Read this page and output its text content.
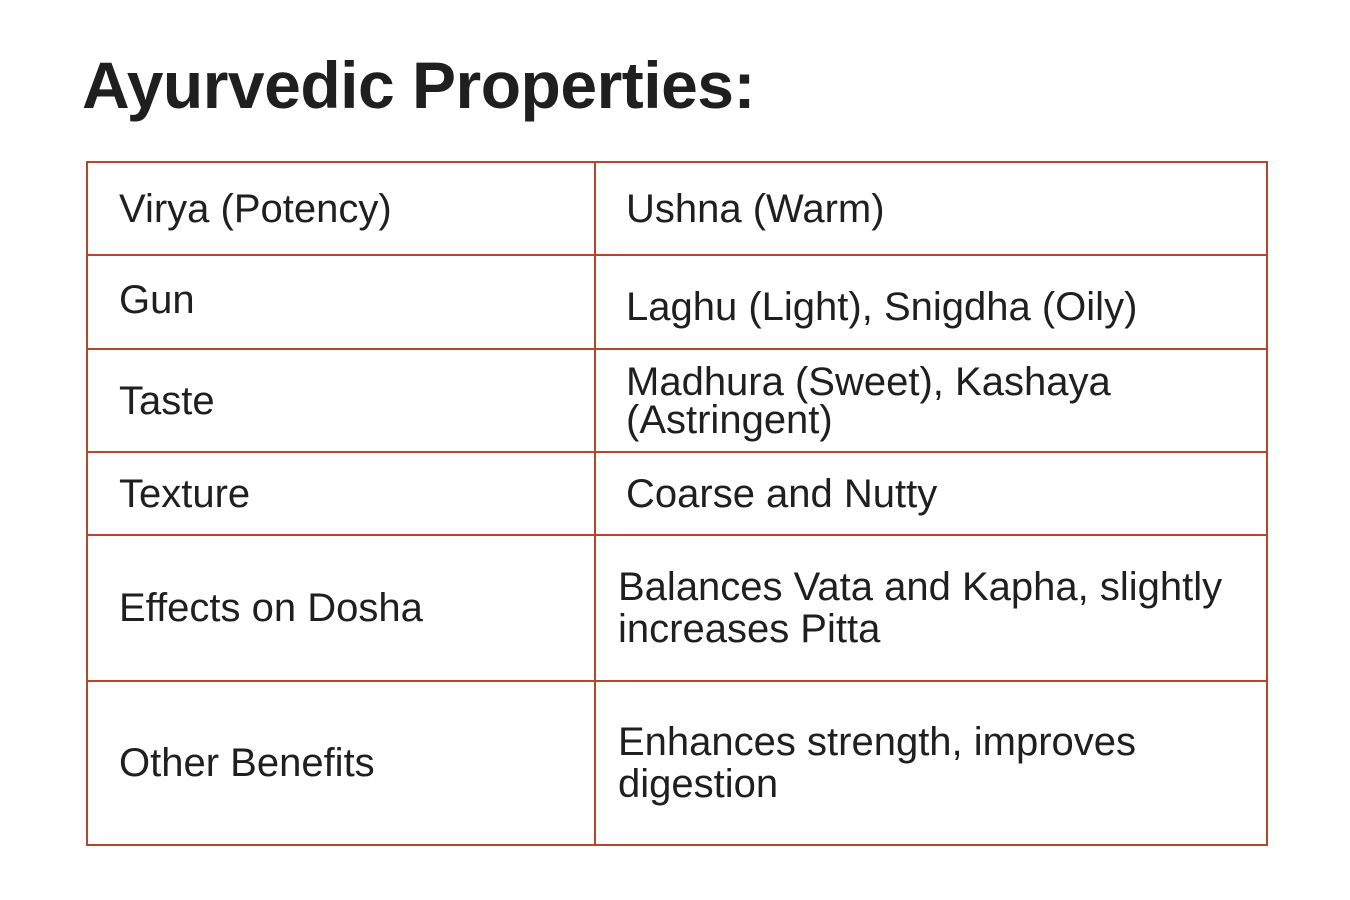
Ayurvedic Properties:
Virya (Potency)	Ushna (Warm)
Gun	Laghu (Light), Snigdha (Oily)
Taste	Madhura (Sweet), Kashaya (Astringent)
Texture	Coarse and Nutty
Effects on Dosha	Balances Vata and Kapha, slightly increases Pitta
Other Benefits	Enhances strength, improves digestion
